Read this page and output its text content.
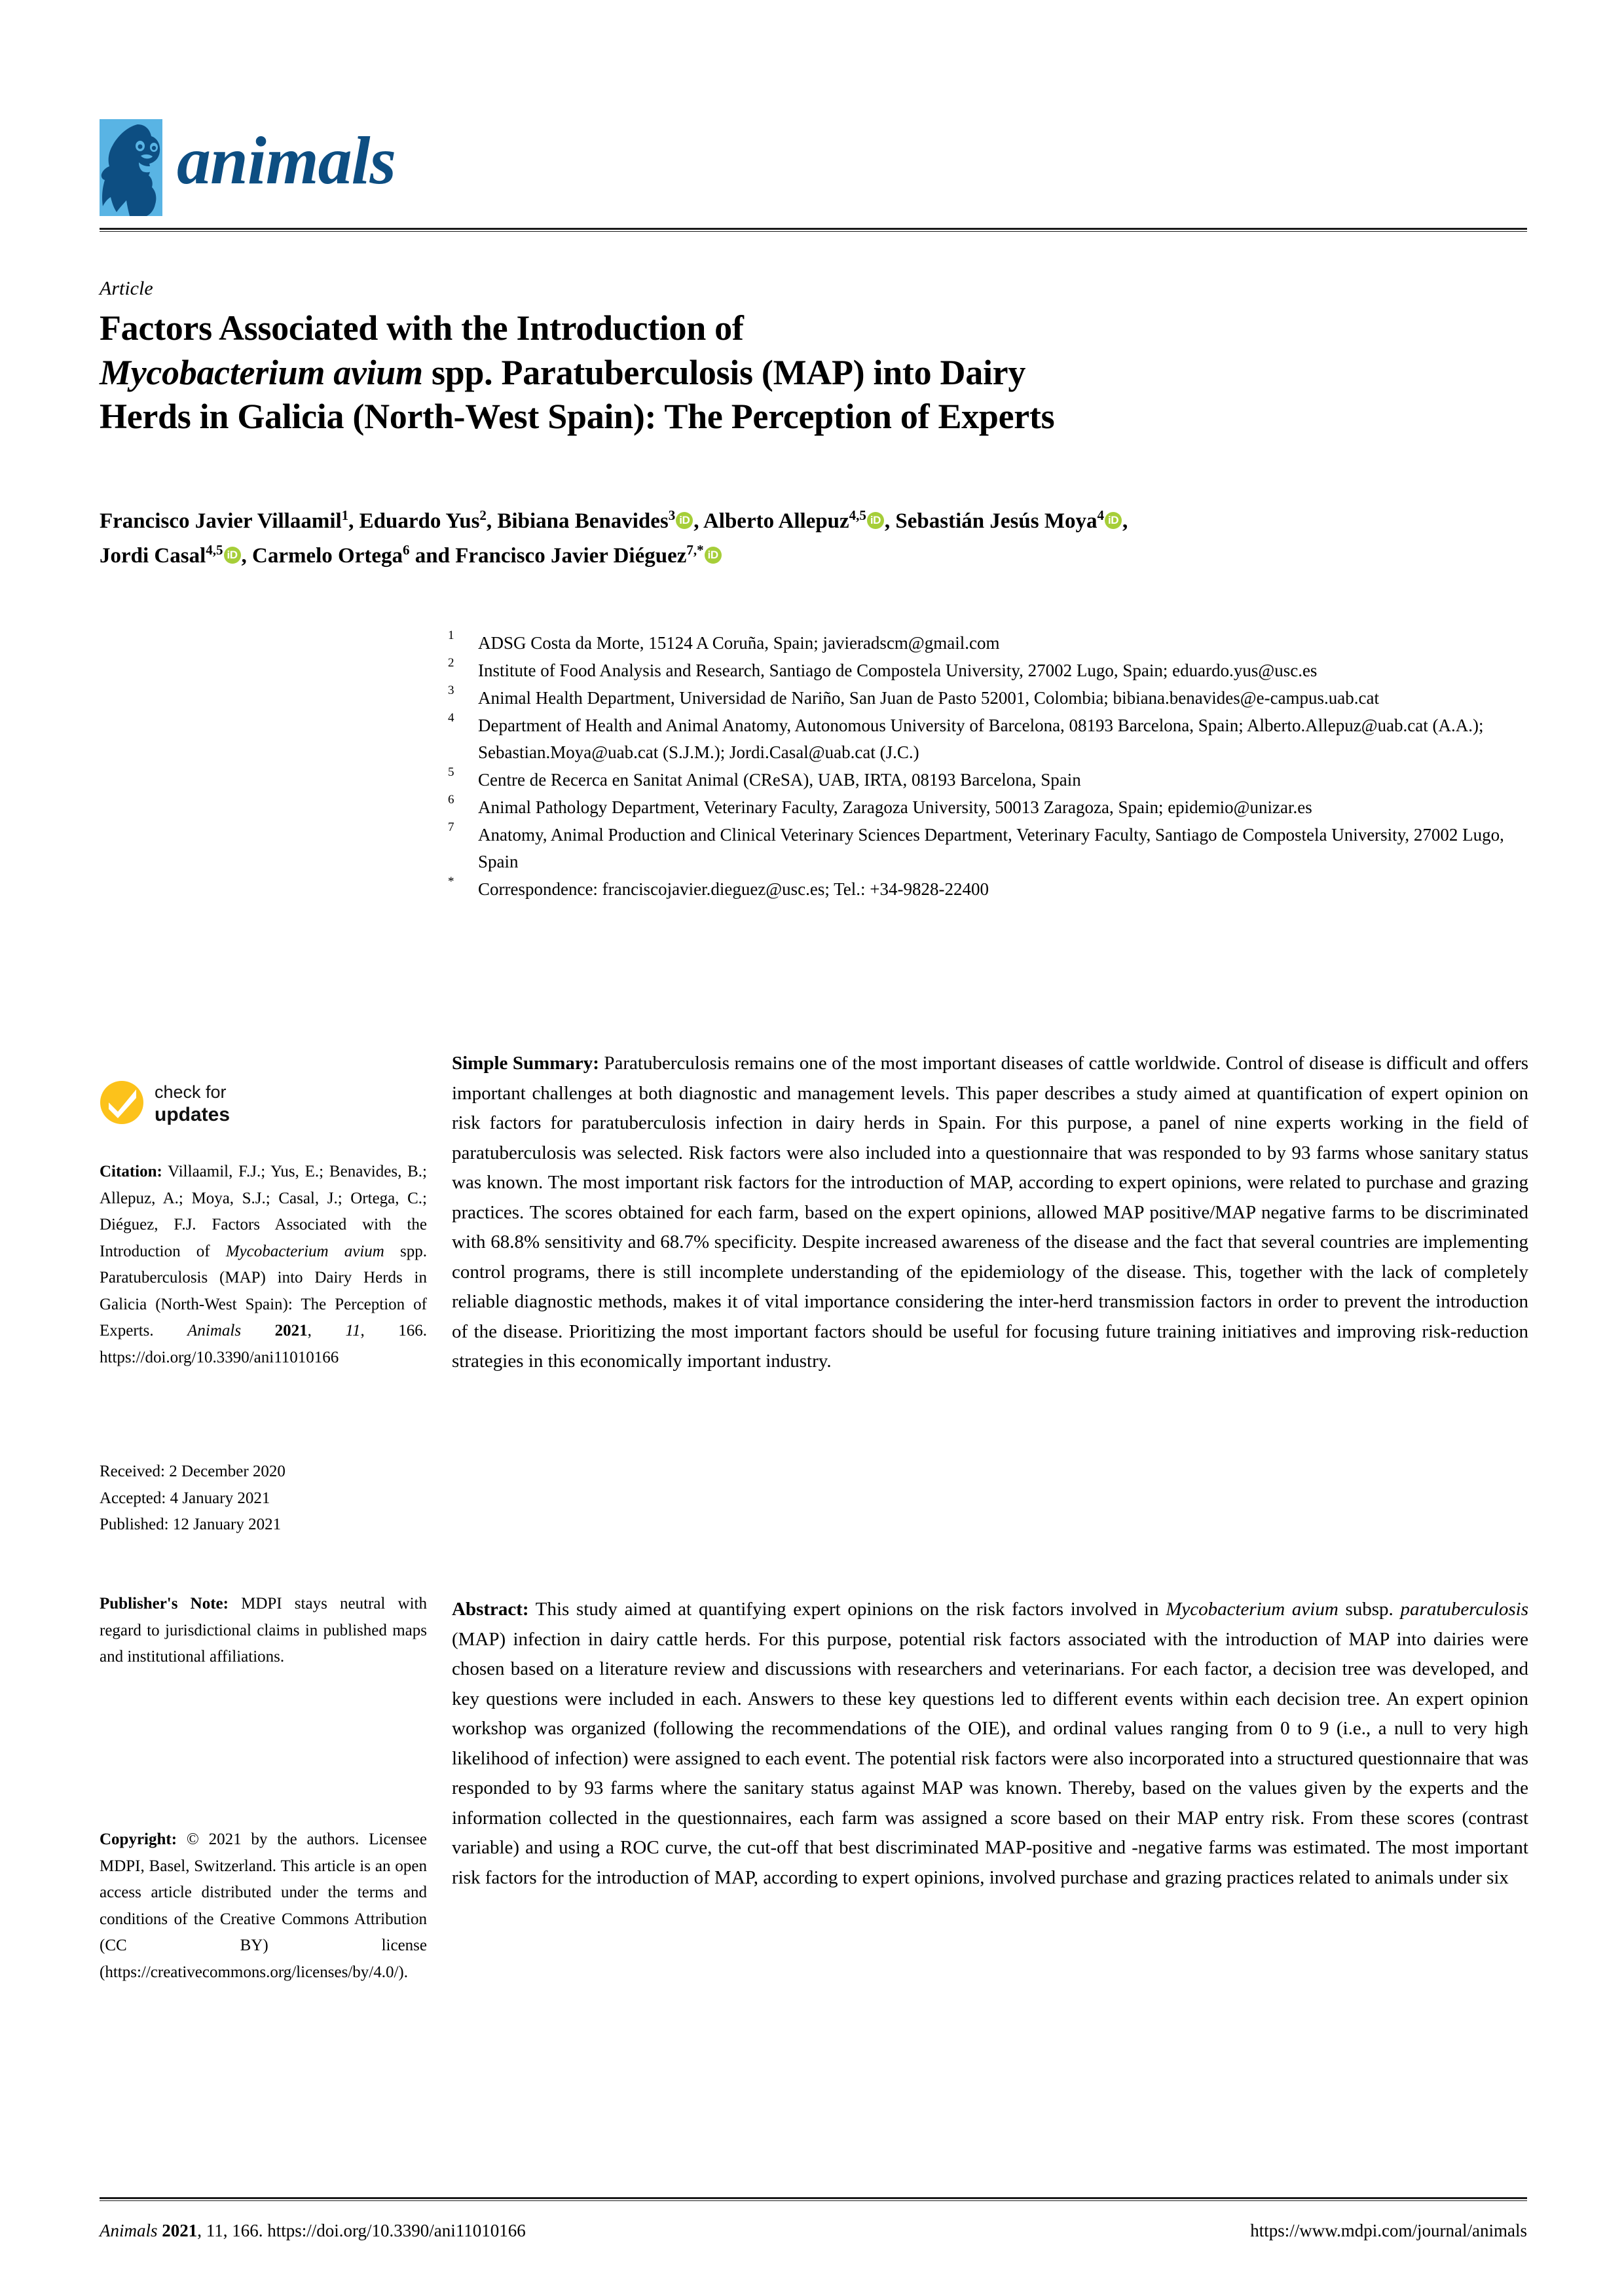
animals
Article
Factors Associated with the Introduction of
Mycobacterium avium spp. Paratuberculosis (MAP) into Dairy
Herds in Galicia (North-West Spain): The Perception of Experts
Francisco Javier Villaamil$^1$, Eduardo Yus$^2$, Bibiana Benavides$^3$ iD , Alberto Allepuz$^{4,5}$ iD , Sebastián Jesús Moya$^4$ iD ,
Jordi Casal$^{4,5}$ iD , Carmelo Ortega$^6$ and Francisco Javier Diéguez$^{7,*}$ iD
1	ADSG Costa da Morte, 15124 A Coruña, Spain; javieradscm@gmail.com
2	Institute of Food Analysis and Research, Santiago de Compostela University, 27002 Lugo, Spain; eduardo.yus@usc.es
3	Animal Health Department, Universidad de Nariño, San Juan de Pasto 52001, Colombia; bibiana.benavides@e-campus.uab.cat
4	Department of Health and Animal Anatomy, Autonomous University of Barcelona, 08193 Barcelona, Spain; Alberto.Allepuz@uab.cat (A.A.); Sebastian.Moya@uab.cat (S.J.M.); Jordi.Casal@uab.cat (J.C.)
5	Centre de Recerca en Sanitat Animal (CReSA), UAB, IRTA, 08193 Barcelona, Spain
6	Animal Pathology Department, Veterinary Faculty, Zaragoza University, 50013 Zaragoza, Spain; epidemio@unizar.es
7	Anatomy, Animal Production and Clinical Veterinary Sciences Department, Veterinary Faculty, Santiago de Compostela University, 27002 Lugo, Spain
*	Correspondence: franciscojavier.dieguez@usc.es; Tel.: +34-9828-22400
check for
updates
Citation: Villaamil, F.J.; Yus, E.; Benavides, B.; Allepuz, A.; Moya, S.J.; Casal, J.; Ortega, C.; Diéguez, F.J. Factors Associated with the Introduction of Mycobacterium avium spp. Paratuberculosis (MAP) into Dairy Herds in Galicia (North-West Spain): The Perception of Experts. Animals 2021, 11, 166. https://doi.org/10.3390/ani11010166
Received: 2 December 2020
Accepted: 4 January 2021
Published: 12 January 2021
Publisher's Note: MDPI stays neutral with regard to jurisdictional claims in published maps and institutional affiliations.
Copyright: © 2021 by the authors. Licensee MDPI, Basel, Switzerland. This article is an open access article distributed under the terms and conditions of the Creative Commons Attribution (CC BY) license (https://creativecommons.org/licenses/by/4.0/).
Simple Summary: Paratuberculosis remains one of the most important diseases of cattle worldwide. Control of disease is difficult and offers important challenges at both diagnostic and management levels. This paper describes a study aimed at quantification of expert opinion on risk factors for paratuberculosis infection in dairy herds in Spain. For this purpose, a panel of nine experts working in the field of paratuberculosis was selected. Risk factors were also included into a questionnaire that was responded to by 93 farms whose sanitary status was known. The most important risk factors for the introduction of MAP, according to expert opinions, were related to purchase and grazing practices. The scores obtained for each farm, based on the expert opinions, allowed MAP positive/MAP negative farms to be discriminated with 68.8% sensitivity and 68.7% specificity. Despite increased awareness of the disease and the fact that several countries are implementing control programs, there is still incomplete understanding of the epidemiology of the disease. This, together with the lack of completely reliable diagnostic methods, makes it of vital importance considering the inter-herd transmission factors in order to prevent the introduction of the disease. Prioritizing the most important factors should be useful for focusing future training initiatives and improving risk-reduction strategies in this economically important industry.
Abstract: This study aimed at quantifying expert opinions on the risk factors involved in Mycobacterium avium subsp. paratuberculosis (MAP) infection in dairy cattle herds. For this purpose, potential risk factors associated with the introduction of MAP into dairies were chosen based on a literature review and discussions with researchers and veterinarians. For each factor, a decision tree was developed, and key questions were included in each. Answers to these key questions led to different events within each decision tree. An expert opinion workshop was organized (following the recommendations of the OIE), and ordinal values ranging from 0 to 9 (i.e., a null to very high likelihood of infection) were assigned to each event. The potential risk factors were also incorporated into a structured questionnaire that was responded to by 93 farms where the sanitary status against MAP was known. Thereby, based on the values given by the experts and the information collected in the questionnaires, each farm was assigned a score based on their MAP entry risk. From these scores (contrast variable) and using a ROC curve, the cut-off that best discriminated MAP-positive and -negative farms was estimated. The most important risk factors for the introduction of MAP, according to expert opinions, involved purchase and grazing practices related to animals under six
Animals 2021, 11, 166. https://doi.org/10.3390/ani11010166	https://www.mdpi.com/journal/animals
